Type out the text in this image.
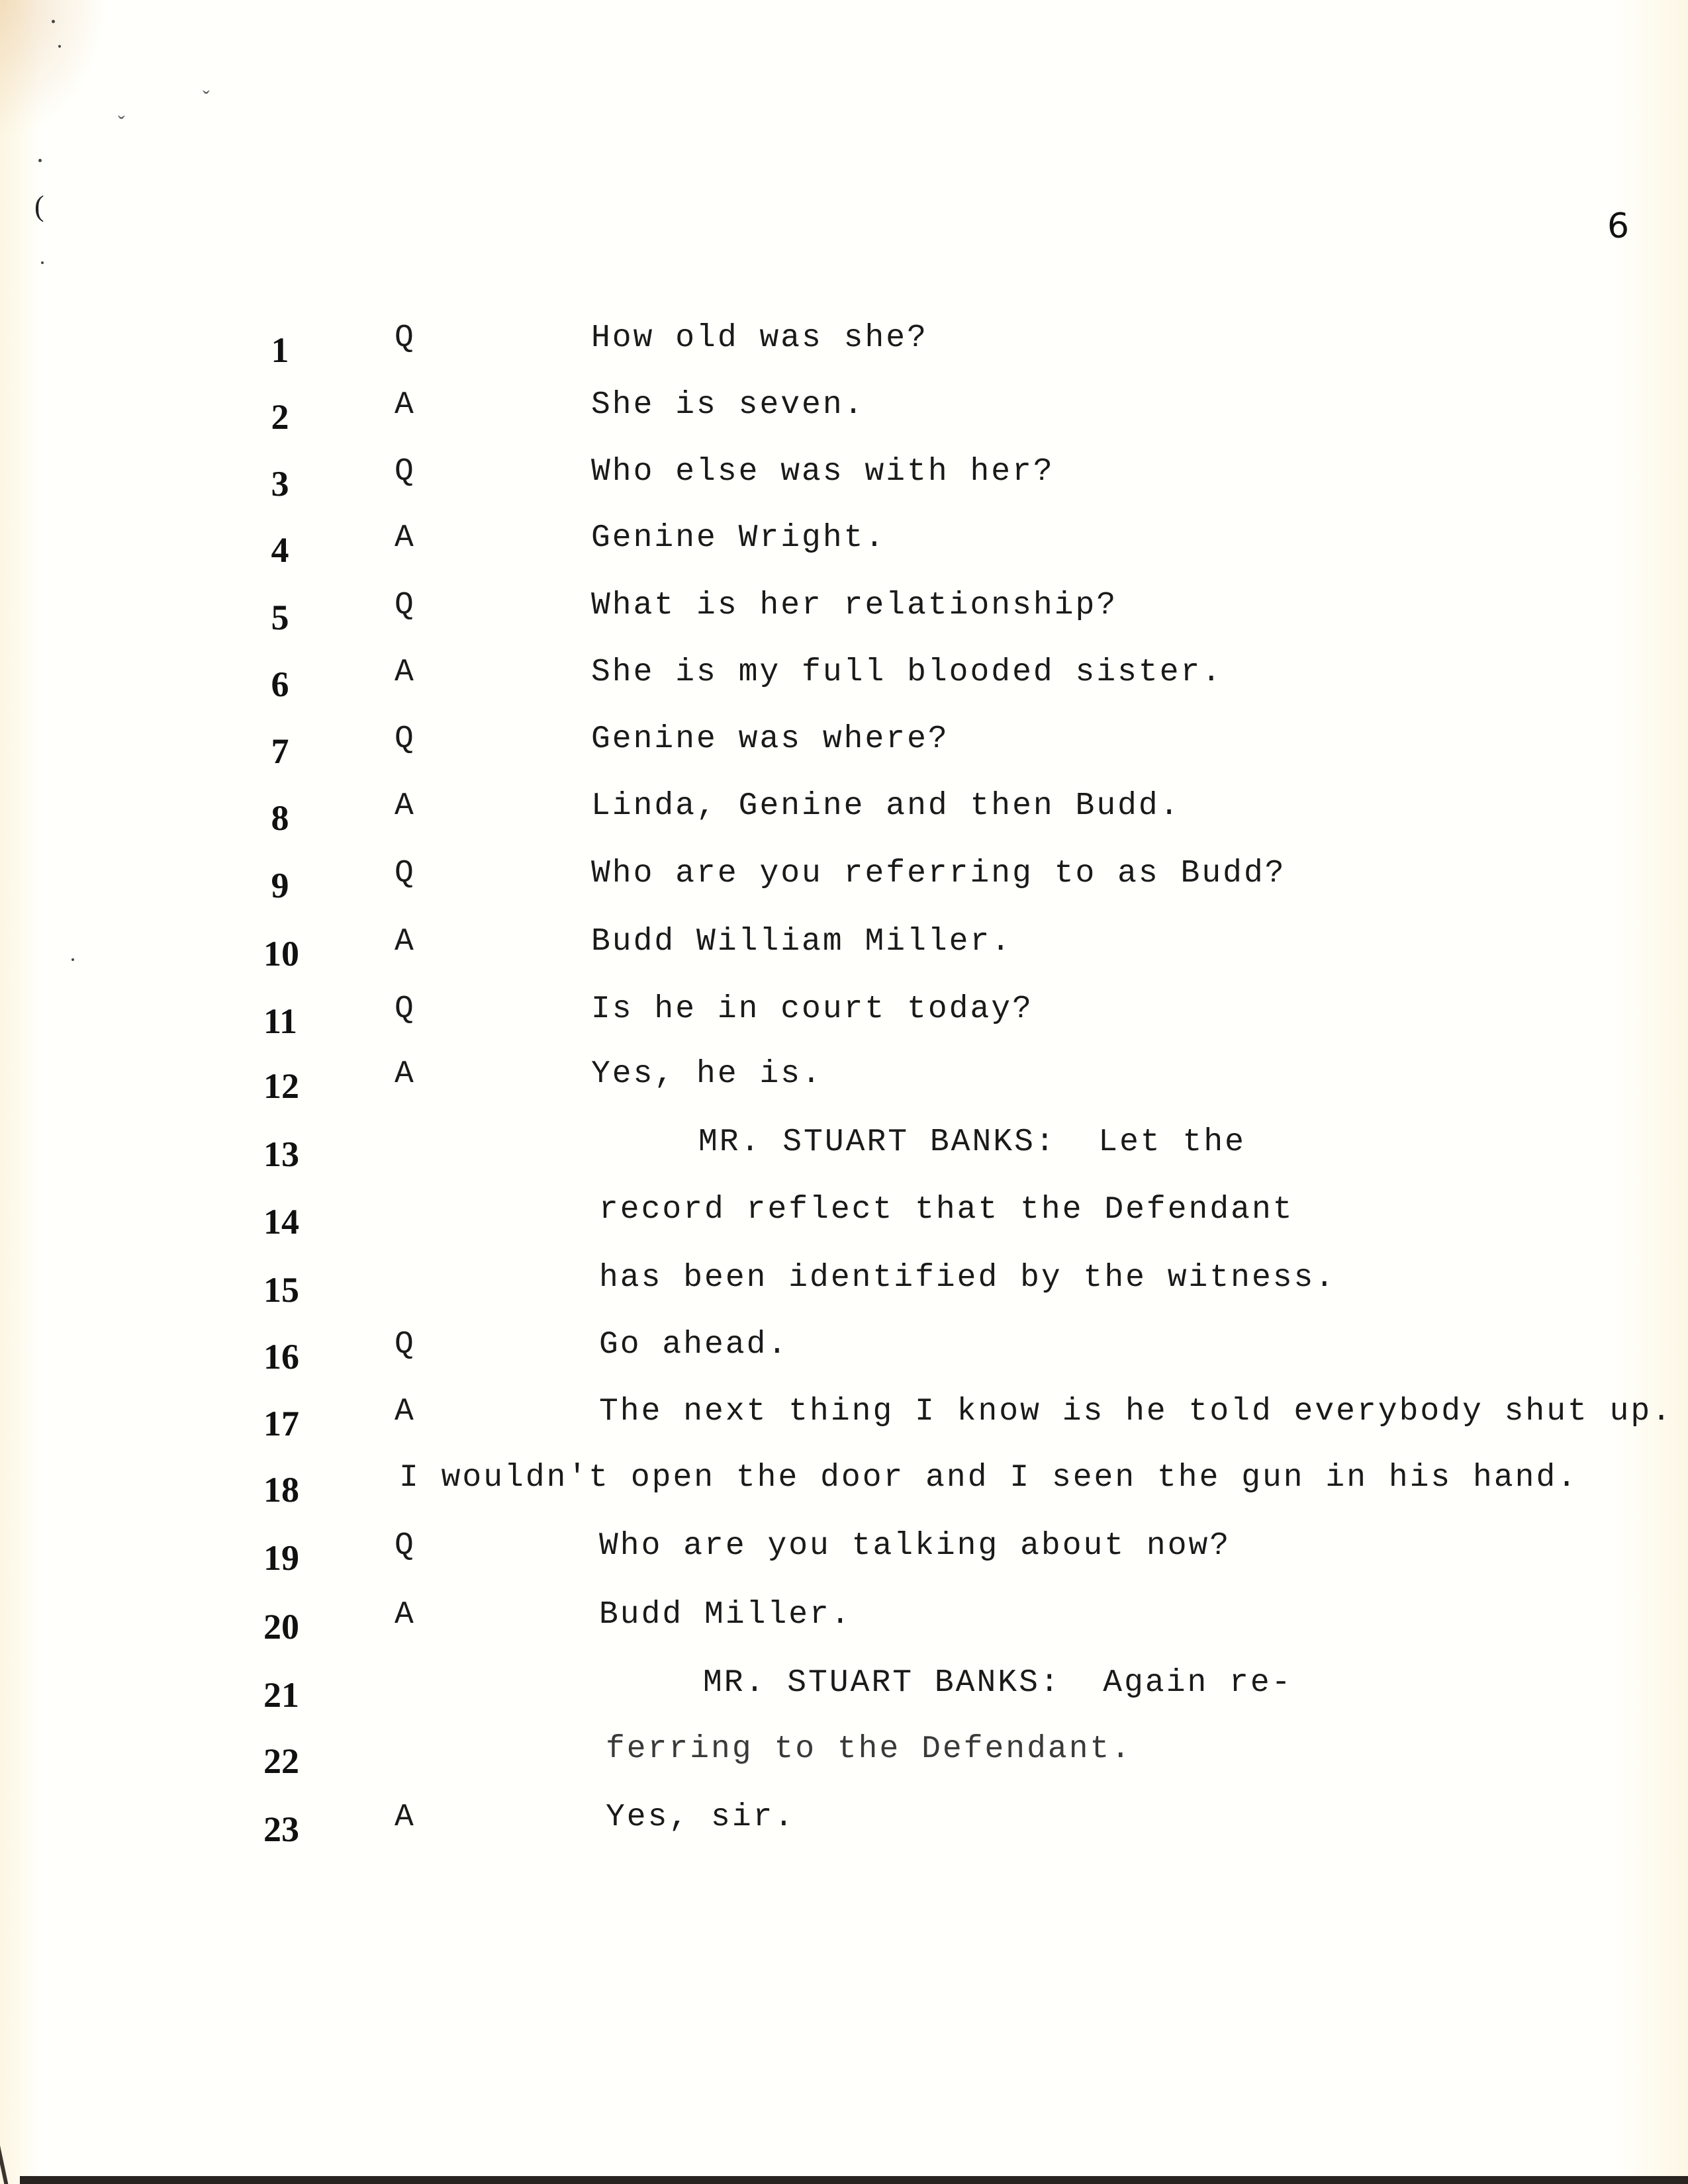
(
ˇ
ˇ
6
1	Q	How old was she?
2	A	She is seven.
3	Q	Who else was with her?
4	A	Genine Wright.
5	Q	What is her relationship?
6	A	She is my full blooded sister.
7	Q	Genine was where?
8	A	Linda, Genine and then Budd.
9	Q	Who are you referring to as Budd?
10	A	Budd William Miller.
11	Q	Is he in court today?
12	A	Yes, he is.
13	MR. STUART BANKS:  Let the
14	record reflect that the Defendant
15	has been identified by the witness.
16	Q	Go ahead.
17	A	The next thing I know is he told everybody shut up.
18	I wouldn't open the door and I seen the gun in his hand.
19	Q	Who are you talking about now?
20	A	Budd Miller.
21	MR. STUART BANKS:  Again re-
22	ferring to the Defendant.
23	A	Yes, sir.
